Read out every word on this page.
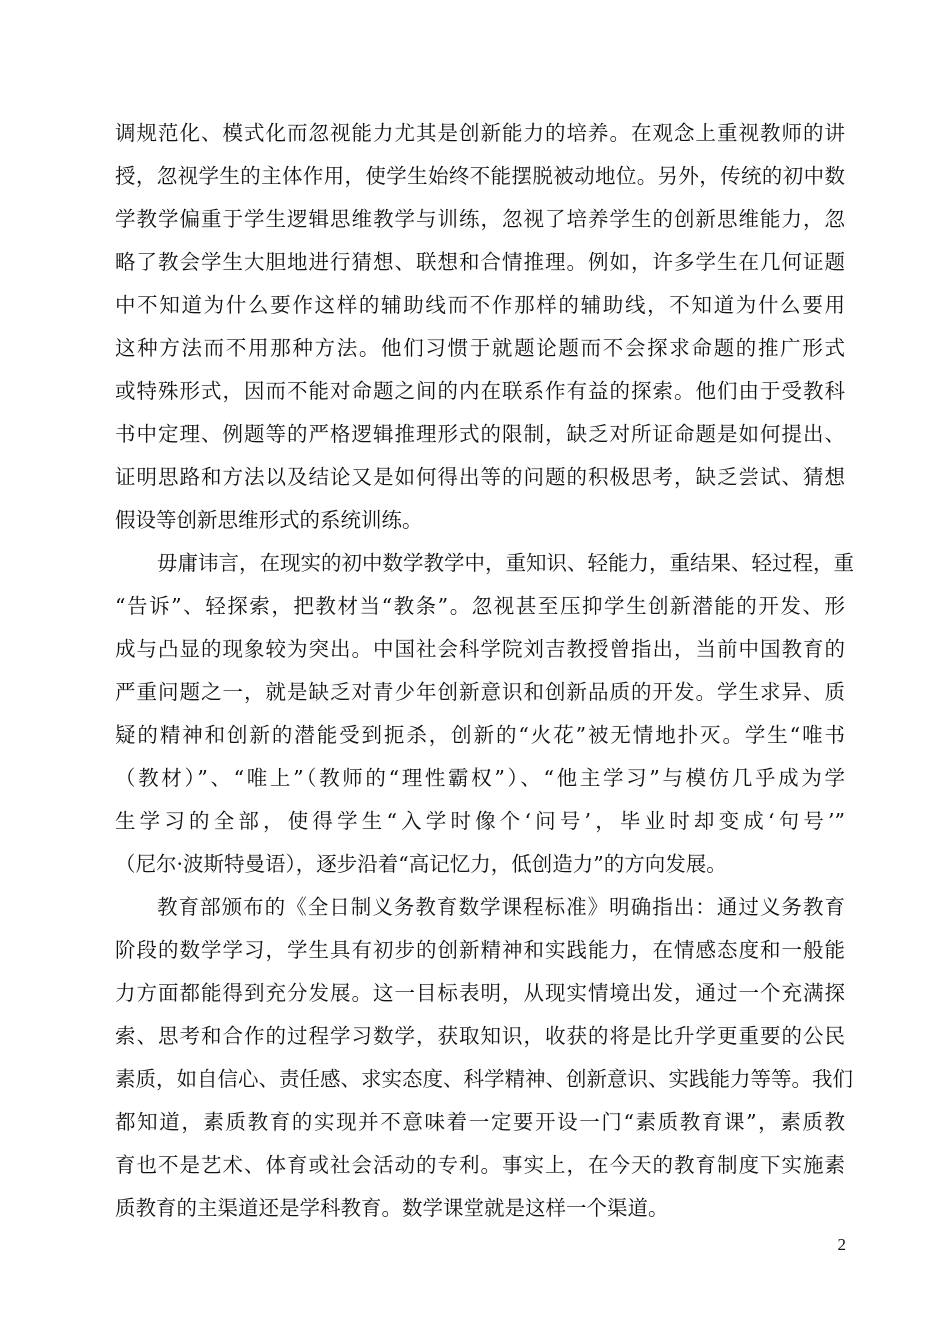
调规范化、模式化而忽视能力尤其是创新能力的培养。在观念上重视教师的讲
授，忽视学生的主体作用，使学生始终不能摆脱被动地位。另外，传统的初中数
学教学偏重于学生逻辑思维教学与训练，忽视了培养学生的创新思维能力，忽
略了教会学生大胆地进行猜想、联想和合情推理。例如，许多学生在几何证题
中不知道为什么要作这样的辅助线而不作那样的辅助线，不知道为什么要用
这种方法而不用那种方法。他们习惯于就题论题而不会探求命题的推广形式
或特殊形式，因而不能对命题之间的内在联系作有益的探索。他们由于受教科
书中定理、例题等的严格逻辑推理形式的限制，缺乏对所证命题是如何提出、
证明思路和方法以及结论又是如何得出等的问题的积极思考，缺乏尝试、猜想
假设等创新思维形式的系统训练。
毋庸讳言，在现实的初中数学教学中，重知识、轻能力，重结果、轻过程，重
“告诉”、轻探索，把教材当“教条”。忽视甚至压抑学生创新潜能的开发、形
成与凸显的现象较为突出。中国社会科学院刘吉教授曾指出，当前中国教育的
严重问题之一，就是缺乏对青少年创新意识和创新品质的开发。学生求异、质
疑的精神和创新的潜能受到扼杀，创新的“火花”被无情地扑灭。学生“唯书
（教材）”、“唯上”（教师的“理性霸权”）、“他主学习”与模仿几乎成为学
生学习的全部，使得学生“入学时像个‘问号’，毕业时却变成‘句号’”
（尼尔·波斯特曼语），逐步沿着“高记忆力，低创造力”的方向发展。
教育部颁布的《全日制义务教育数学课程标准》明确指出：通过义务教育
阶段的数学学习，学生具有初步的创新精神和实践能力，在情感态度和一般能
力方面都能得到充分发展。这一目标表明，从现实情境出发，通过一个充满探
索、思考和合作的过程学习数学，获取知识，收获的将是比升学更重要的公民
素质，如自信心、责任感、求实态度、科学精神、创新意识、实践能力等等。我们
都知道，素质教育的实现并不意味着一定要开设一门“素质教育课”，素质教
育也不是艺术、体育或社会活动的专利。事实上，在今天的教育制度下实施素
质教育的主渠道还是学科教育。数学课堂就是这样一个渠道。
2
